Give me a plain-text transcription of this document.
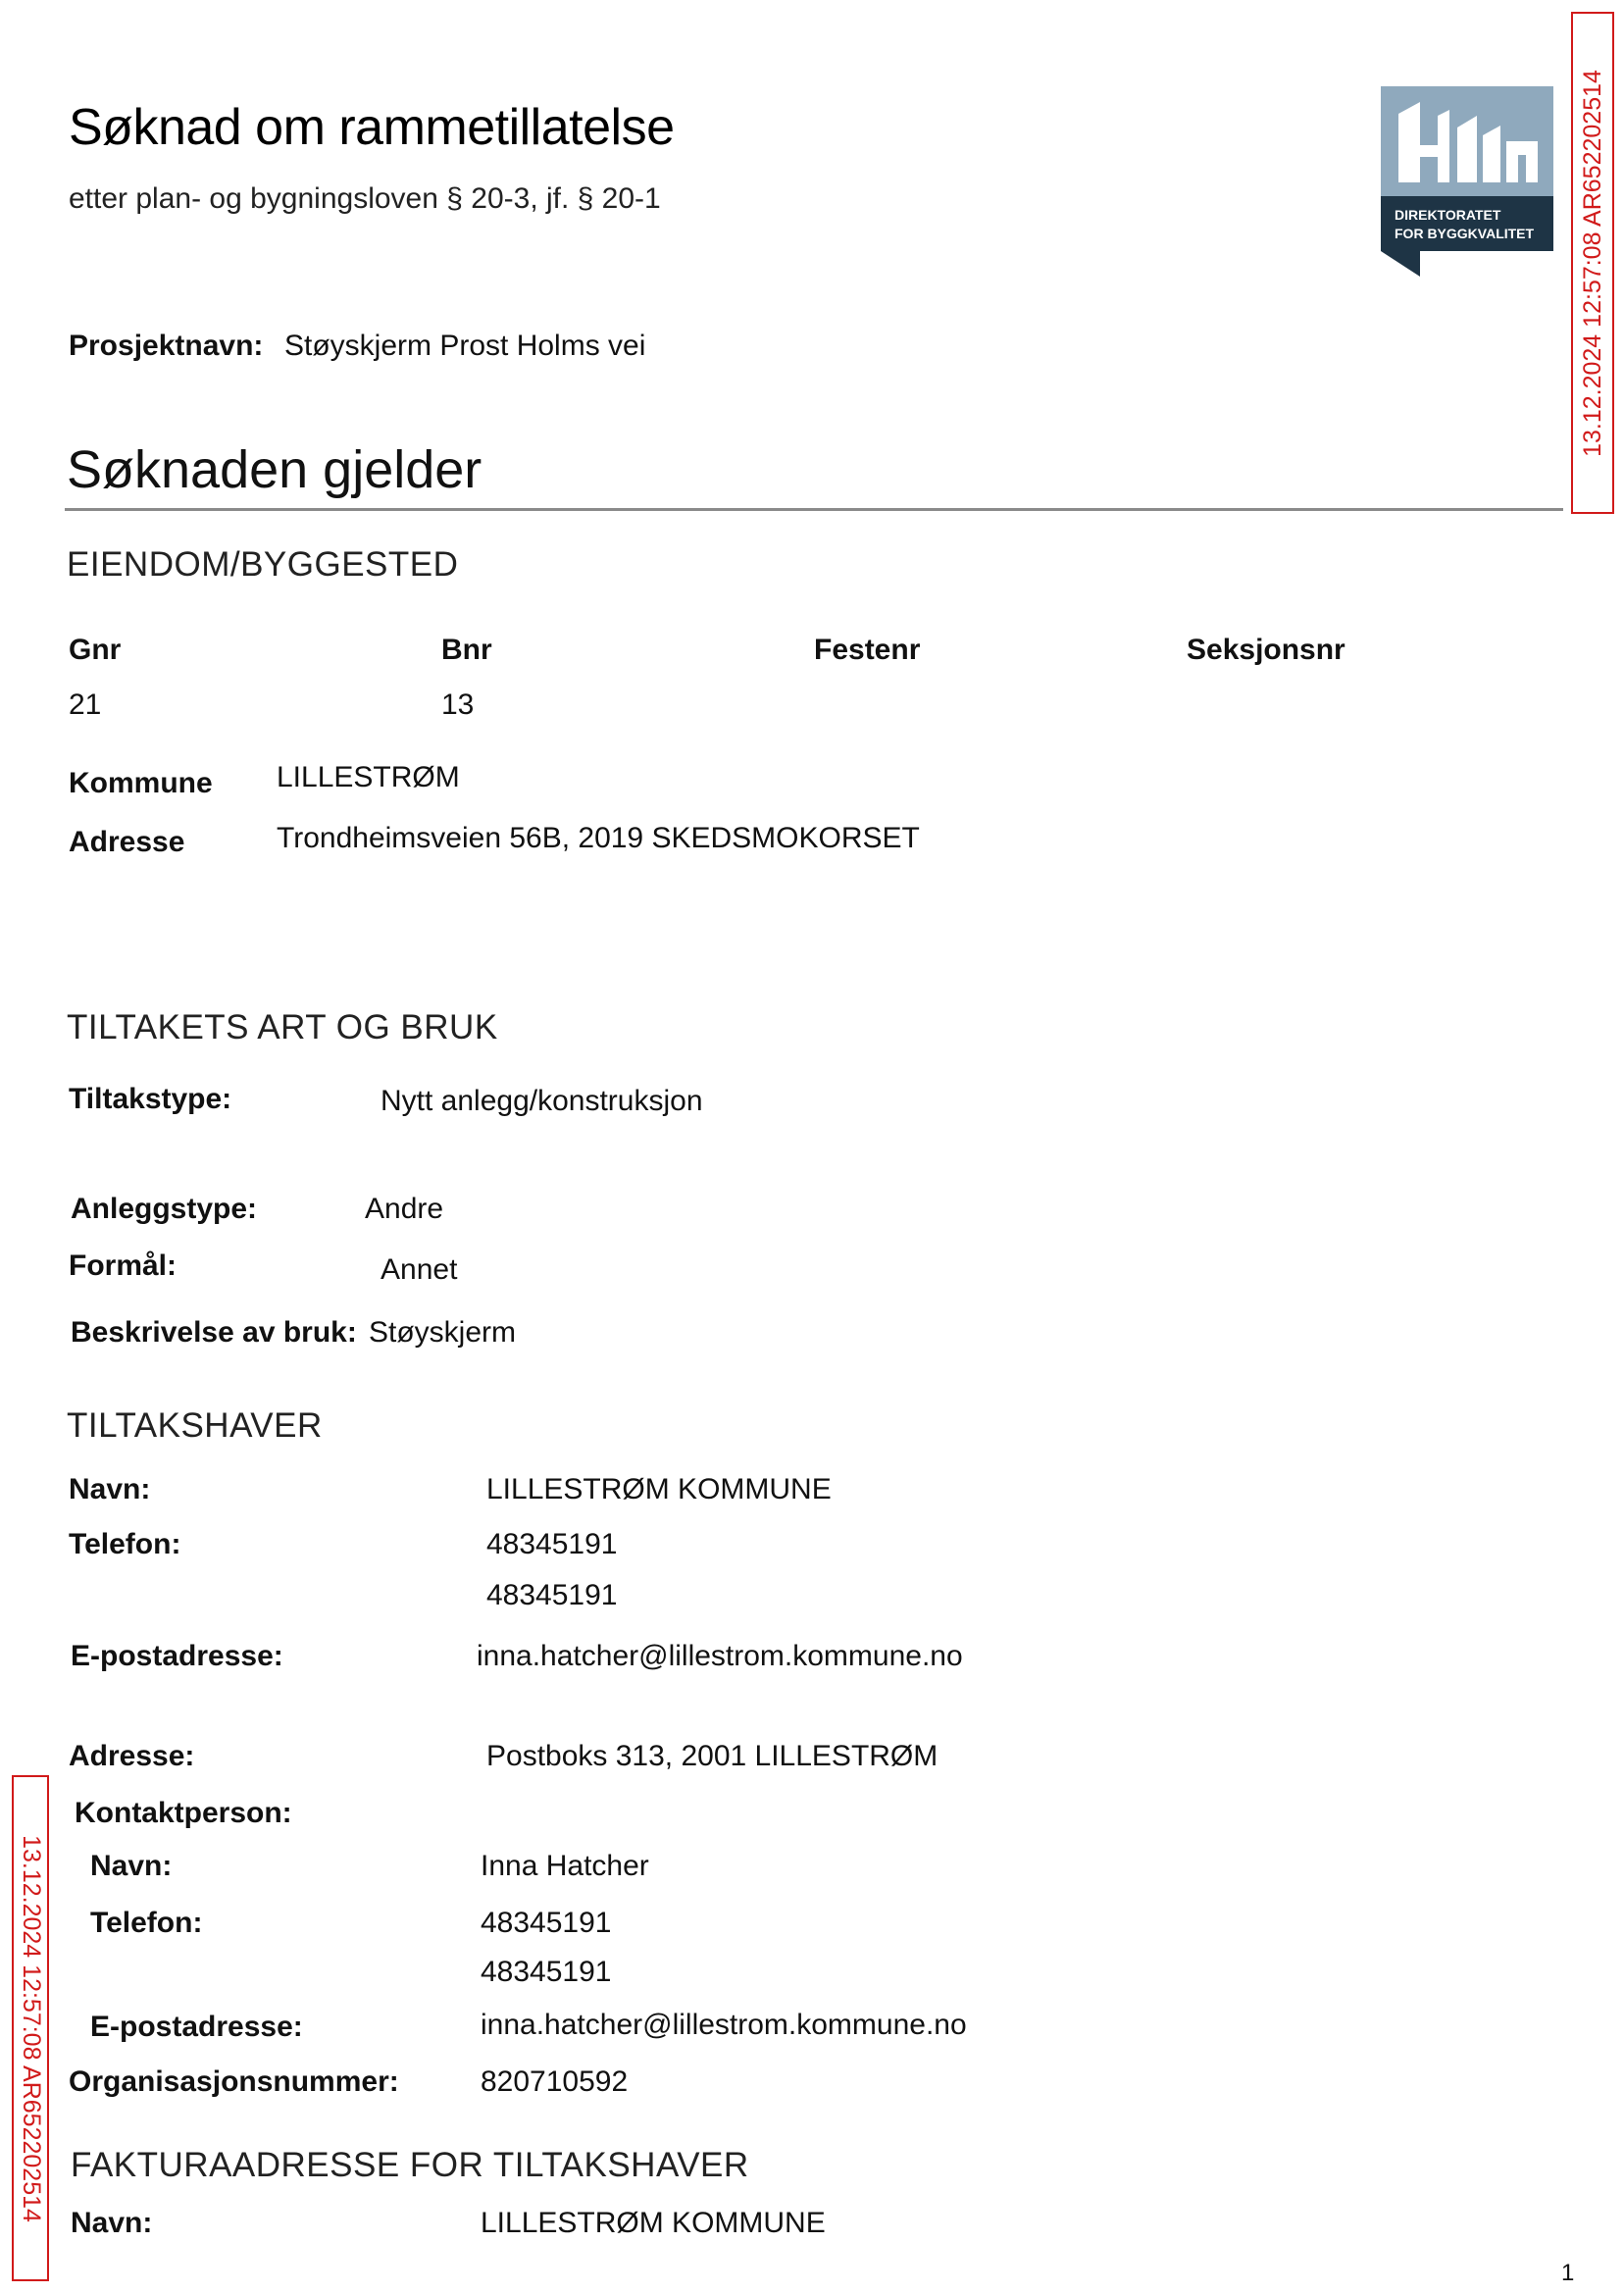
Søknad om rammetillatelse
etter plan- og bygningsloven § 20-3, jf. § 20-1
Prosjektnavn: Støyskjerm Prost Holms vei
DIREKTORATET
FOR BYGGKVALITET 13.12.2024 12:57:08 AR652202514
13.12.2024 12:57:08 AR652202514
Søknaden gjelder
EIENDOM/BYGGESTED
Gnr	Bnr	Festenr	Seksjonsnr
21	13
Kommune LILLESTRØM
Adresse	Trondheimsveien 56B, 2019 SKEDSMOKORSET
TILTAKETS ART OG BRUK
Tiltakstype:	Nytt anlegg/konstruksjon
Anleggstype:	Andre
Formål:	Annet
Beskrivelse av bruk: Støyskjerm
TILTAKSHAVER
Navn:	LILLESTRØM KOMMUNE
Telefon:	48345191
48345191
E-postadresse:	inna.hatcher@lillestrom.kommune.no
Adresse:	Postboks 313, 2001 LILLESTRØM
Kontaktperson:
Navn:	Inna Hatcher
Telefon:	48345191
48345191
E-postadresse:	inna.hatcher@lillestrom.kommune.no
Organisasjonsnummer:	820710592
FAKTURAADRESSE FOR TILTAKSHAVER
Navn:	LILLESTRØM KOMMUNE
1
